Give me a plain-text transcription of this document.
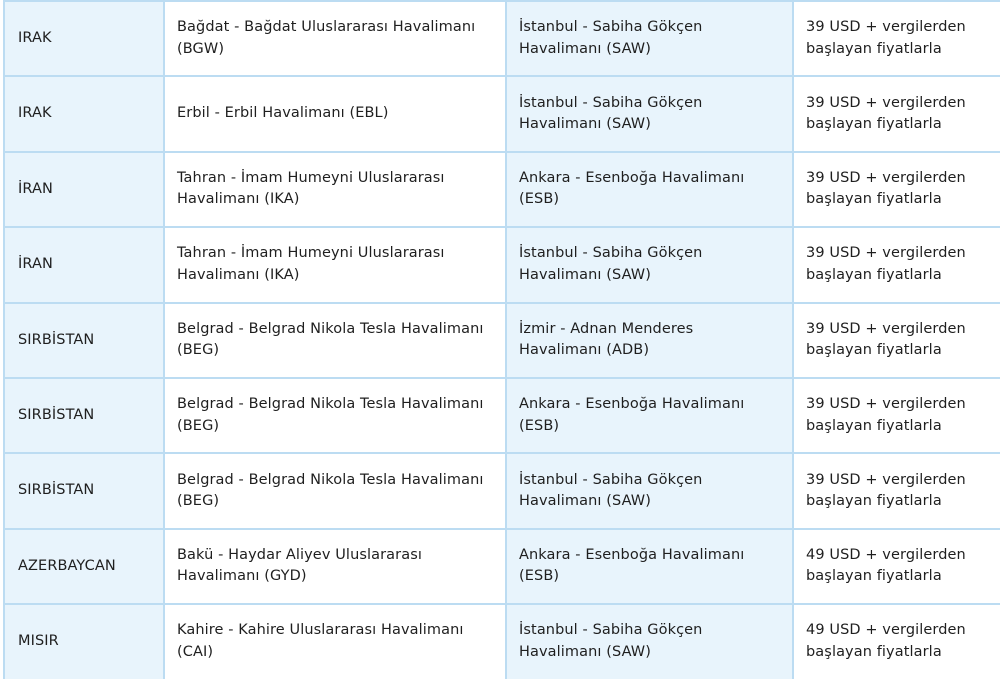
IRAK	Bağdat - Bağdat Uluslararası Havalimanı (BGW)	İstanbul - Sabiha Gökçen Havalimanı (SAW)	39 USD + vergilerden başlayan fiyatlarla
IRAK	Erbil - Erbil Havalimanı (EBL)	İstanbul - Sabiha Gökçen Havalimanı (SAW)	39 USD + vergilerden başlayan fiyatlarla
İRAN	Tahran - İmam Humeyni Uluslararası Havalimanı (IKA)	Ankara - Esenboğa Havalimanı (ESB)	39 USD + vergilerden başlayan fiyatlarla
İRAN	Tahran - İmam Humeyni Uluslararası Havalimanı (IKA)	İstanbul - Sabiha Gökçen Havalimanı (SAW)	39 USD + vergilerden başlayan fiyatlarla
SIRBİSTAN	Belgrad - Belgrad Nikola Tesla Havalimanı (BEG)	İzmir - Adnan Menderes Havalimanı (ADB)	39 USD + vergilerden başlayan fiyatlarla
SIRBİSTAN	Belgrad - Belgrad Nikola Tesla Havalimanı (BEG)	Ankara - Esenboğa Havalimanı (ESB)	39 USD + vergilerden başlayan fiyatlarla
SIRBİSTAN	Belgrad - Belgrad Nikola Tesla Havalimanı (BEG)	İstanbul - Sabiha Gökçen Havalimanı (SAW)	39 USD + vergilerden başlayan fiyatlarla
AZERBAYCAN	Bakü - Haydar Aliyev Uluslararası Havalimanı (GYD)	Ankara - Esenboğa Havalimanı (ESB)	49 USD + vergilerden başlayan fiyatlarla
MISIR	Kahire - Kahire Uluslararası Havalimanı (CAI)	İstanbul - Sabiha Gökçen Havalimanı (SAW)	49 USD + vergilerden başlayan fiyatlarla
